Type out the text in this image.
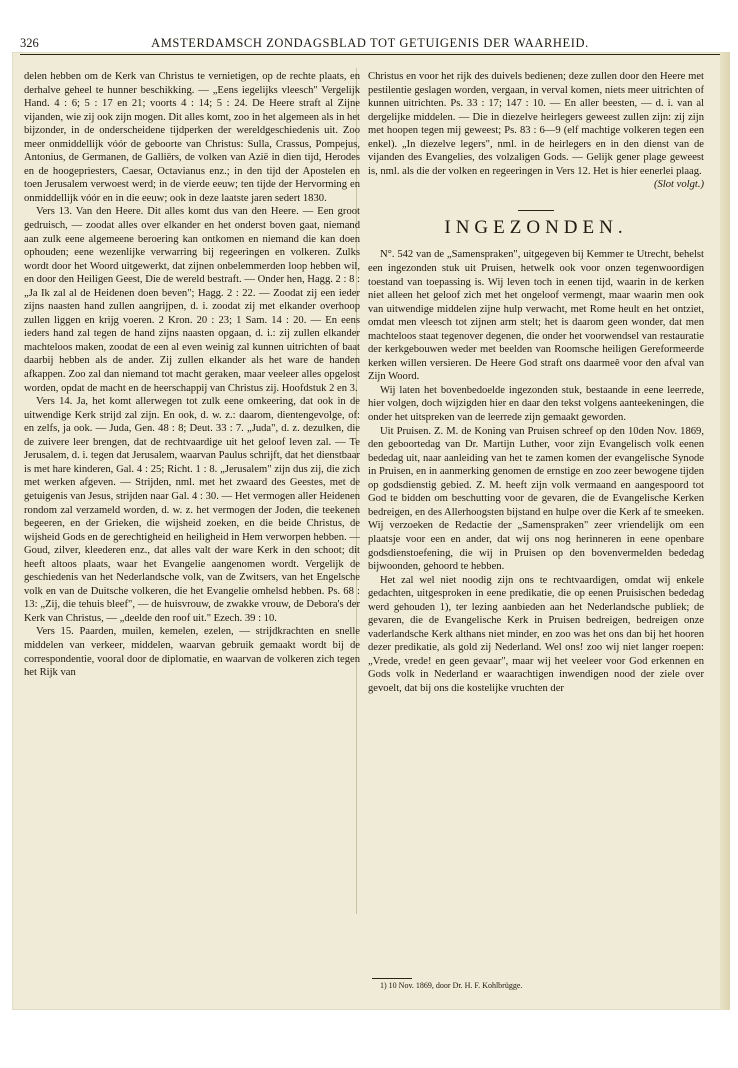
326	AMSTERDAMSCH ZONDAGSBLAD TOT GETUIGENIS DER WAARHEID.

delen hebben om de Kerk van Christus te vernietigen, op de rechte plaats, en derhalve geheel te hunner beschikking. — „Eens iegelijks vleesch" Vergelijk Hand. 4 : 6; 5 : 17 en 21; voorts 4 : 14; 5 : 24. De Heere straft al Zijne vijanden, wie zij ook zijn mogen. Dit alles komt, zoo in het algemeen als in het bijzonder, in de onderscheidene tijdperken der wereldgeschiedenis uit. Zoo meer onmiddellijk vóór de geboorte van Christus: Sulla, Crassus, Pompejus, Antonius, de Germanen, de Galliërs, de volken van Azië in dien tijd, Herodes en de hoogepriesters, Caesar, Octavianus enz.; in den tijd der Apostelen en toen Jerusalem verwoest werd; in de vierde eeuw; ten tijde der Hervorming en onmiddellijk vóór en in die eeuw; ook in deze laatste jaren sedert 1830.

Vers 13. Van den Heere. Dit alles komt dus van den Heere. — Een groot gedruisch, — zoodat alles over elkander en het onderst boven gaat, niemand aan zulk eene algemeene beroering kan ontkomen en niemand die kan doen ophouden; eene wezenlijke verwarring bij regeeringen en volkeren. Zulks wordt door het Woord uitgewerkt, dat zijnen onbelemmerden loop hebben wil, en door den Heiligen Geest, Die de wereld bestraft. — Onder hen, Hagg. 2 : 8 : „Ja Ik zal al de Heidenen doen beven"; Hagg. 2 : 22. — Zoodat zij een ieder zijns naasten hand zullen aangrijpen, d. i. zoodat zij met elkander overhoop zullen liggen en krijg voeren. 2 Kron. 20 : 23; 1 Sam. 14 : 20. — En eens ieders hand zal tegen de hand zijns naasten opgaan, d. i.: zij zullen elkander machteloos maken, zoodat de een al even weinig zal kunnen uitrichten of baat daarbij hebben als de ander. Zij zullen elkander als het ware de handen afkappen. Zoo zal dan niemand tot macht geraken, maar veeleer alles opgelost worden, opdat de macht en de heerschappij van Christus zij. Hoofdstuk 2 en 3.

Vers 14. Ja, het komt allerwegen tot zulk eene omkeering, dat ook in de uitwendige Kerk strijd zal zijn. En ook, d. w. z.: daarom, dientengevolge, of: en zelfs, ja ook. — Juda, Gen. 48 : 8; Deut. 33 : 7. „Juda", d. z. dezulken, die de zuivere leer brengen, dat de rechtvaardige uit het geloof leven zal. — Te Jerusalem, d. i. tegen dat Jerusalem, waarvan Paulus schrijft, dat het dienstbaar is met hare kinderen, Gal. 4 : 25; Richt. 1 : 8. „Jerusalem" zijn dus zij, die zich met werken afgeven. — Strijden, nml. met het zwaard des Geestes, met de getuigenis van Jesus, strijden naar Gal. 4 : 30. — Het vermogen aller Heidenen rondom zal verzameld worden, d. w. z. het vermogen der Joden, die teekenen begeeren, en der Grieken, die wijsheid zoeken, en die beide Christus, de wijsheid Gods en de gerechtigheid en heiligheid in Hem verworpen hebben. — Goud, zilver, kleederen enz., dat alles valt der ware Kerk in den schoot; dit heeft altoos plaats, waar het Evangelie aangenomen wordt. Vergelijk de geschiedenis van het Nederlandsche volk, van de Zwitsers, van het Engelsche volk en van de Duitsche volkeren, die het Evangelie omhelsd hebben. Ps. 68 : 13: „Zij, die tehuis bleef", — de huisvrouw, de zwakke vrouw, de Debora's der Kerk van Christus, — „deelde den roof uit." Ezech. 39 : 10.

Vers 15. Paarden, muilen, kemelen, ezelen, — strijdkrachten en snelle middelen van verkeer, middelen, waarvan gebruik gemaakt wordt bij de correspondentie, vooral door de diplomatie, en waarvan de volkeren zich tegen het Rijk van

Christus en voor het rijk des duivels bedienen; deze zullen door den Heere met pestilentie geslagen worden, vergaan, in verval komen, niets meer uitrichten of kunnen uitrichten. Ps. 33 : 17; 147 : 10. — En aller beesten, — d. i. van al dergelijke middelen. — Die in diezelve heirlegers geweest zullen zijn: zij zijn met hoopen tegen mij geweest; Ps. 83 : 6—9 (elf machtige volkeren tegen een enkel). „In diezelve legers", nml. in de heirlegers en in den dienst van de vijanden des Evangelies, des volzaligen Gods. — Gelijk gener plage geweest is, nml. als die der volken en regeeringen in Vers 12. Het is hier eenerlei plaag.

(Slot volgt.)

INGEZONDEN.

N°. 542 van de „Samenspraken", uitgegeven bij Kemmer te Utrecht, behelst een ingezonden stuk uit Pruisen, hetwelk ook voor onzen tegenwoordigen toestand van toepassing is. Wij leven toch in eenen tijd, waarin in de kerken niet alleen het geloof zich met het ongeloof vermengt, maar waarin men ook van uitwendige middelen zijne hulp verwacht, met Rome heult en het ontziet, omdat men vleesch tot zijnen arm stelt; het is daarom geen wonder, dat men machteloos staat tegenover degenen, die onder het voorwendsel van restauratie der kerkgebouwen weder met beelden van Roomsche heiligen Gereformeerde kerken willen versieren. De Heere God straft ons daarmeê voor den afval van Zijn Woord.

Wij laten het bovenbedoelde ingezonden stuk, bestaande in eene leerrede, hier volgen, doch wijzigden hier en daar den tekst volgens aanteekeningen, die onder het uitspreken van de leerrede zijn gemaakt geworden.

Uit Pruisen. Z. M. de Koning van Pruisen schreef op den 10den Nov. 1869, den geboortedag van Dr. Martijn Luther, voor zijn Evangelisch volk eenen bededag uit, naar aanleiding van het te zamen komen der evangelische Synode in Pruisen, en in aanmerking genomen de ernstige en zoo zeer bewogene tijden op godsdienstig gebied. Z. M. heeft zijn volk vermaand en aangespoord tot God te bidden om beschutting voor de gevaren, die de Evangelische Kerken bedreigen, en des Allerhoogsten bijstand en hulpe over die Kerk af te smeeken. Wij verzoeken de Redactie der „Samenspraken" zeer vriendelijk om een plaatsje voor een en ander, dat wij ons nog herinneren in eene openbare godsdienstoefening, die wij in Pruisen op den bovenvermelden bededag bijwoonden, gehoord te hebben.

Het zal wel niet noodig zijn ons te rechtvaardigen, omdat wij enkele gedachten, uitgesproken in eene predikatie, die op eenen Pruisischen bededag werd gehouden 1), ter lezing aanbieden aan het Nederlandsche publiek; de gevaren, die de Evangelische Kerk in Pruisen bedreigen, bedreigen onze vaderlandsche Kerk althans niet minder, en zoo was het ons dan bij het hooren dezer predikatie, als gold zij Nederland. Wel ons! zoo wij niet langer roepen: „Vrede, vrede! en geen gevaar", maar wij het veeleer voor God erkennen en Gods volk in Nederland er waarachtigen inwendigen nood der ziele over gevoelt, dat bij ons die kostelijke vruchten der

1) 10 Nov. 1869, door Dr. H. F. Kohlbrügge.
